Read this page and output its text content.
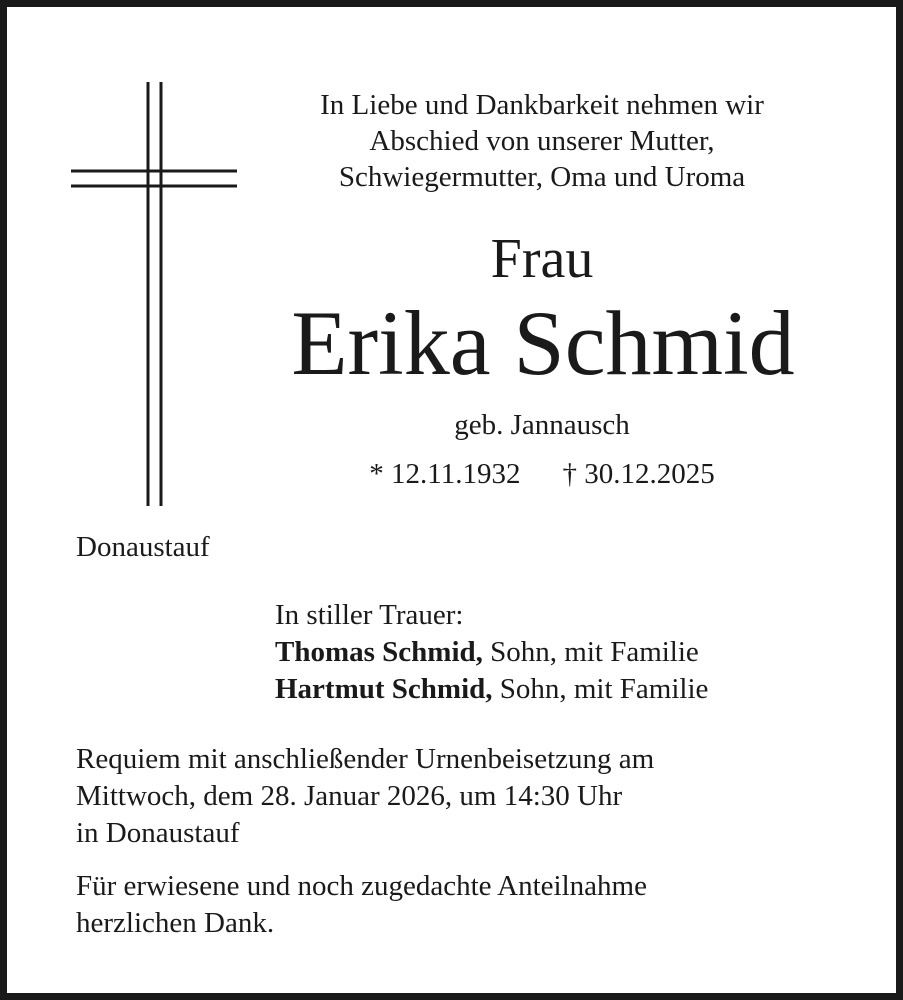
In Liebe und Dankbarkeit nehmen wir
Abschied von unserer Mutter,
Schwiegermutter, Oma und Uroma
Frau
Erika Schmid
geb. Jannausch
* 12.11.1932 † 30.12.2025
Donaustauf
In stiller Trauer:
Thomas Schmid, Sohn, mit Familie
Hartmut Schmid, Sohn, mit Familie
Requiem mit anschließender Urnenbeisetzung am
Mittwoch, dem 28. Januar 2026, um 14:30 Uhr
in Donaustauf
Für erwiesene und noch zugedachte Anteilnahme
herzlichen Dank.
